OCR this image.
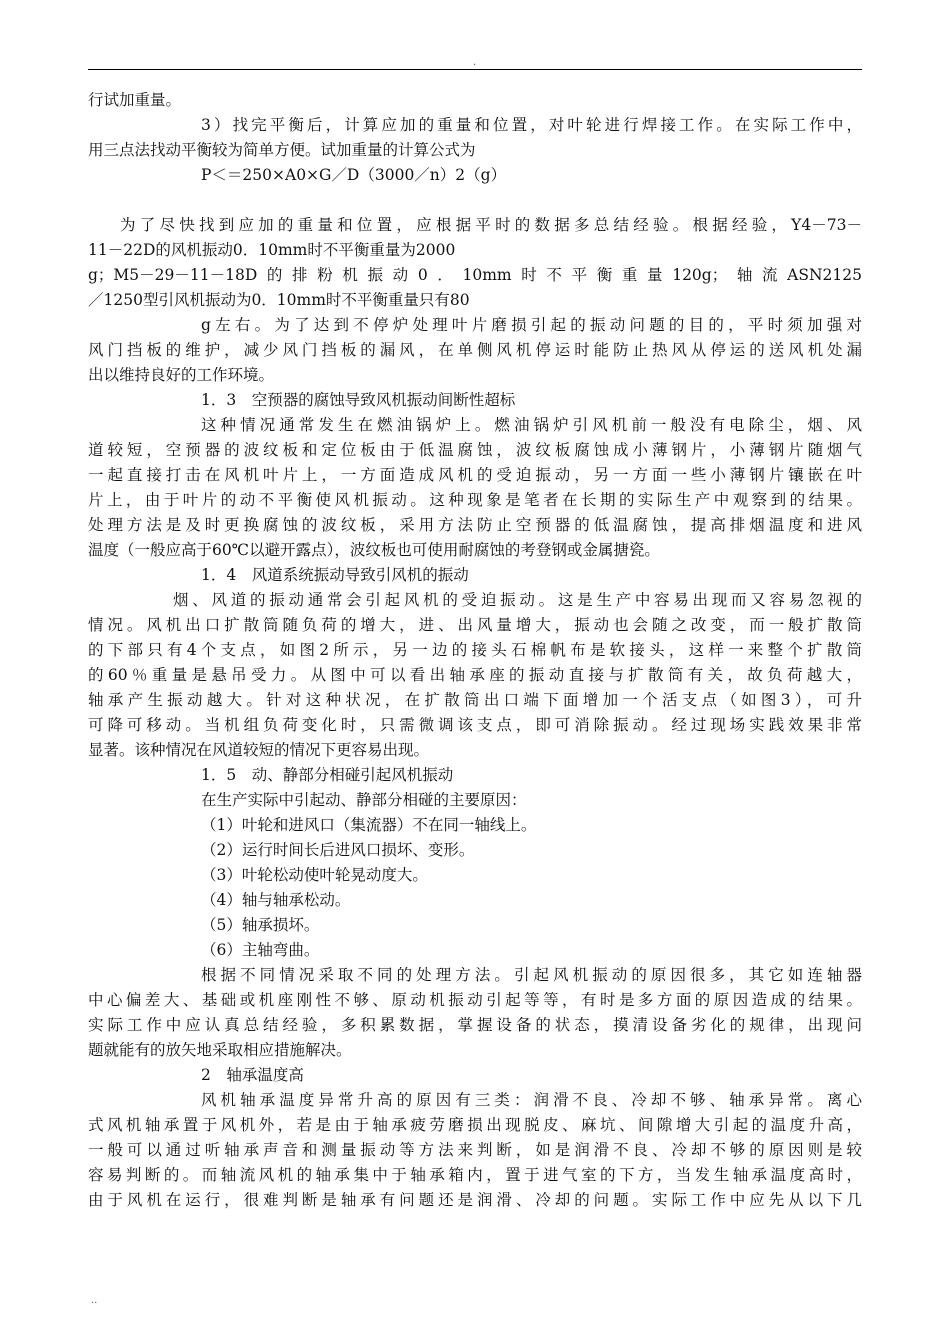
.
行试加重量。
3）找完平衡后，计算应加的重量和位置，对叶轮进行焊接工作。在实际工作中，
用三点法找动平衡较为简单方便。试加重量的计算公式为
P＜＝250×A0×G／D（3000／n）2（g）
为了尽快找到应加的重量和位置，应根据平时的数据多总结经验。根据经验，Y4－73－
11－22D的风机振动0．10mm时不平衡重量为2000
g；M5－29－11－18D的排粉机振动0．10mm时不平衡重量120g；轴流ASN2125
／1250型引风机振动为0．10mm时不平衡重量只有80
g左右。为了达到不停炉处理叶片磨损引起的振动问题的目的，平时须加强对
风门挡板的维护，减少风门挡板的漏风，在单侧风机停运时能防止热风从停运的送风机处漏
出以维持良好的工作环境。
1．3　空预器的腐蚀导致风机振动间断性超标
这种情况通常发生在燃油锅炉上。燃油锅炉引风机前一般没有电除尘，烟、风
道较短，空预器的波纹板和定位板由于低温腐蚀，波纹板腐蚀成小薄钢片，小薄钢片随烟气
一起直接打击在风机叶片上，一方面造成风机的受迫振动，另一方面一些小薄钢片镶嵌在叶
片上，由于叶片的动不平衡使风机振动。这种现象是笔者在长期的实际生产中观察到的结果。
处理方法是及时更换腐蚀的波纹板，采用方法防止空预器的低温腐蚀，提高排烟温度和进风
温度（一般应高于60℃以避开露点），波纹板也可使用耐腐蚀的考登钢或金属搪瓷。
1．4　风道系统振动导致引风机的振动
烟、风道的振动通常会引起风机的受迫振动。这是生产中容易出现而又容易忽视的
情况。风机出口扩散筒随负荷的增大，进、出风量增大，振动也会随之改变，而一般扩散筒
的下部只有4个支点，如图2所示，另一边的接头石棉帆布是软接头，这样一来整个扩散筒
的60％重量是悬吊受力。从图中可以看出轴承座的振动直接与扩散筒有关，故负荷越大，
轴承产生振动越大。针对这种状况，在扩散筒出口端下面增加一个活支点（如图3），可升
可降可移动。当机组负荷变化时，只需微调该支点，即可消除振动。经过现场实践效果非常
显著。该种情况在风道较短的情况下更容易出现。
1．5　动、静部分相碰引起风机振动
在生产实际中引起动、静部分相碰的主要原因：
（1）叶轮和进风口（集流器）不在同一轴线上。
（2）运行时间长后进风口损坏、变形。
（3）叶轮松动使叶轮晃动度大。
（4）轴与轴承松动。
（5）轴承损坏。
（6）主轴弯曲。
根据不同情况采取不同的处理方法。引起风机振动的原因很多，其它如连轴器
中心偏差大、基础或机座刚性不够、原动机振动引起等等，有时是多方面的原因造成的结果。
实际工作中应认真总结经验，多积累数据，掌握设备的状态，摸清设备劣化的规律，出现问
题就能有的放矢地采取相应措施解决。
2　轴承温度高
风机轴承温度异常升高的原因有三类：润滑不良、冷却不够、轴承异常。离心
式风机轴承置于风机外，若是由于轴承疲劳磨损出现脱皮、麻坑、间隙增大引起的温度升高，
一般可以通过听轴承声音和测量振动等方法来判断，如是润滑不良、冷却不够的原因则是较
容易判断的。而轴流风机的轴承集中于轴承箱内，置于进气室的下方，当发生轴承温度高时，
由于风机在运行，很难判断是轴承有问题还是润滑、冷却的问题。实际工作中应先从以下几
..
